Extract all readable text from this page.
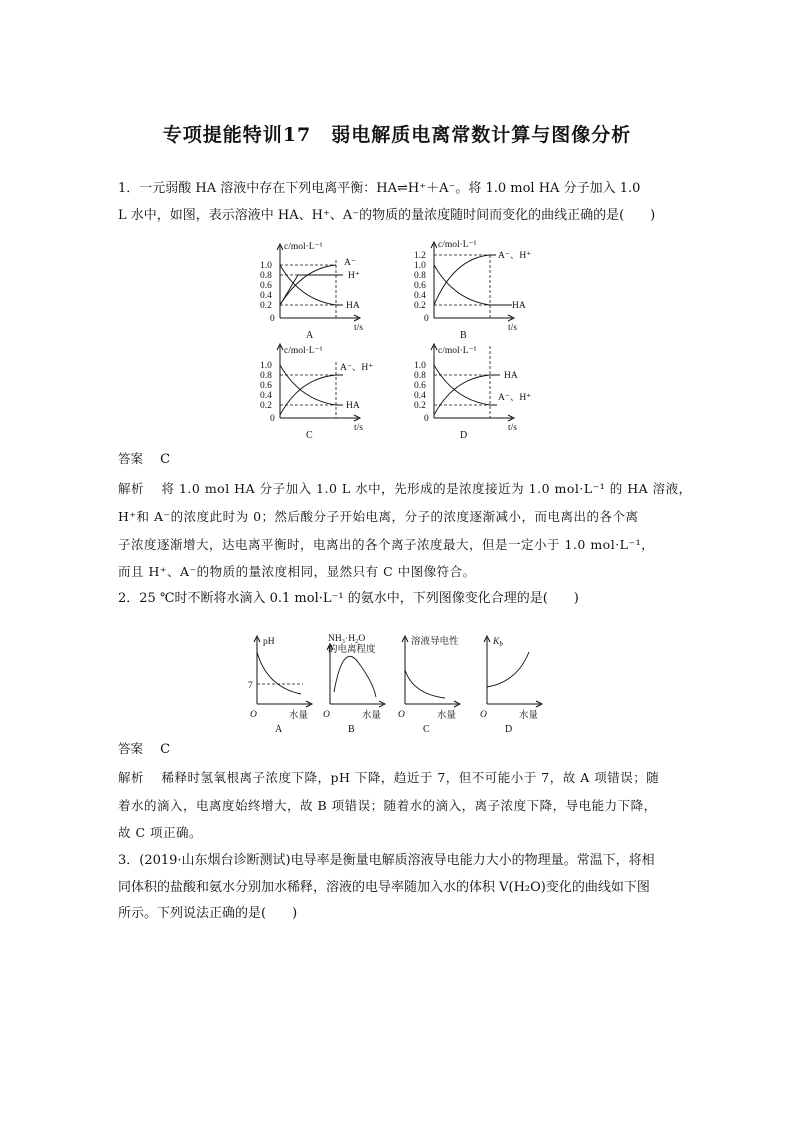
专项提能特训17　弱电解质电离常数计算与图像分析
1．一元弱酸 HA 溶液中存在下列电离平衡：HA⇌H⁺＋A⁻。将 1.0 mol HA 分子加入 1.0
L 水中，如图，表示溶液中 HA、H⁺、A⁻的物质的量浓度随时间而变化的曲线正确的是(　　)
c/mol·L⁻¹
1.0
0.8
0.6
0.4
0.2
0
A⁻
H⁺
HA
t/s
A
c/mol·L⁻¹
1.2
1.0
0.8
0.6
0.4
0.2
0
A⁻、H⁺
HA
t/s
B
c/mol·L⁻¹
1.0
0.8
0.6
0.4
0.2
0
A⁻、H⁺
HA
t/s
C
c/mol·L⁻¹
1.0
0.8
0.6
0.4
0.2
0
HA
A⁻、H⁺
t/s
D
答案　 C
解析　 将 1.0 mol HA 分子加入 1.0 L 水中，先形成的是浓度接近为 1.0 mol·L⁻¹ 的 HA 溶液，
H⁺和 A⁻的浓度此时为 0；然后酸分子开始电离，分子的浓度逐渐减小，而电离出的各个离
子浓度逐渐增大，达电离平衡时，电离出的各个离子浓度最大，但是一定小于 1.0 mol·L⁻¹，
而且 H⁺、A⁻的物质的量浓度相同，显然只有 C 中图像符合。
2．25 ℃时不断将水滴入 0.1 mol·L⁻¹ 的氨水中，下列图像变化合理的是(　　)
pH
7
O	水量
A
NH₃·H₂O
的电离程度
O	水量
B
溶液导电性
O	水量
C
$K_b$
O	水量
D
答案　 C
解析　 稀释时氢氧根离子浓度下降，pH 下降，趋近于 7，但不可能小于 7，故 A 项错误；随
着水的滴入，电离度始终增大，故 B 项错误；随着水的滴入，离子浓度下降，导电能力下降，
故 C 项正确。
3．(2019·山东烟台诊断测试)电导率是衡量电解质溶液导电能力大小的物理量。常温下，将相
同体积的盐酸和氨水分别加水稀释，溶液的电导率随加入水的体积 V(H₂O)变化的曲线如下图
所示。下列说法正确的是(　　)
